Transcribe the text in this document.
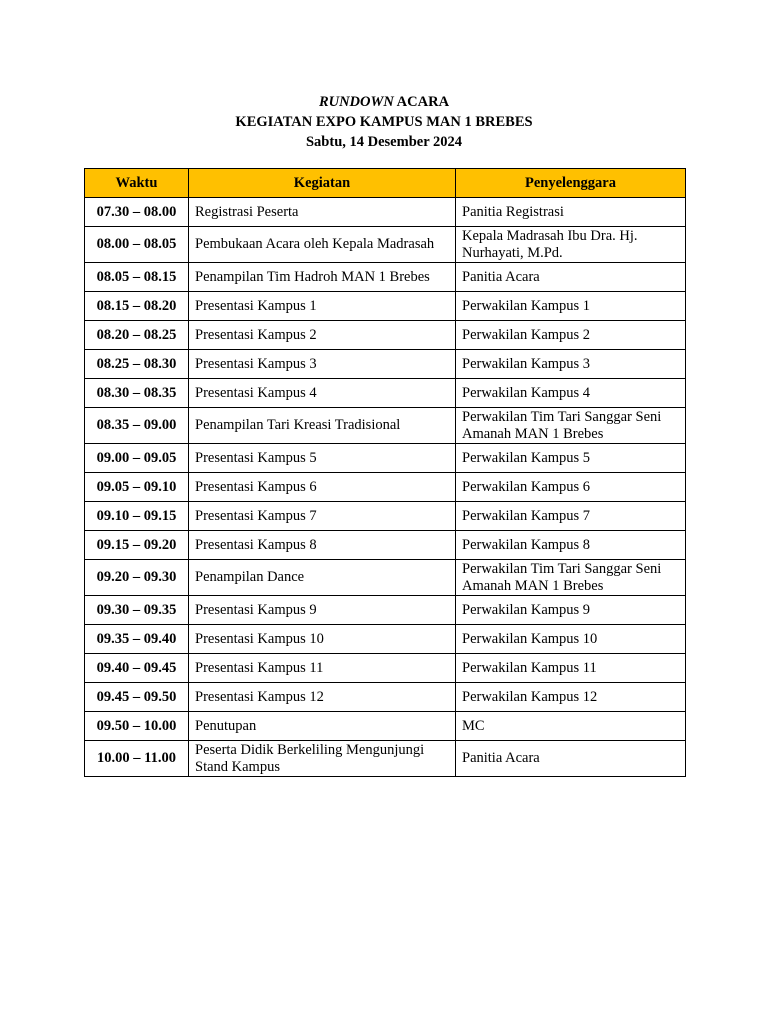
RUNDOWN ACARA
KEGIATAN EXPO KAMPUS MAN 1 BREBES
Sabtu, 14 Desember 2024
Waktu	Kegiatan	Penyelenggara
07.30 – 08.00	Registrasi Peserta	Panitia Registrasi
08.00 – 08.05	Pembukaan Acara oleh Kepala Madrasah	Kepala Madrasah Ibu Dra. Hj. Nurhayati, M.Pd.
08.05 – 08.15	Penampilan Tim Hadroh MAN 1 Brebes	Panitia Acara
08.15 – 08.20	Presentasi Kampus 1	Perwakilan Kampus 1
08.20 – 08.25	Presentasi Kampus 2	Perwakilan Kampus 2
08.25 – 08.30	Presentasi Kampus 3	Perwakilan Kampus 3
08.30 – 08.35	Presentasi Kampus 4	Perwakilan Kampus 4
08.35 – 09.00	Penampilan Tari Kreasi Tradisional	Perwakilan Tim Tari Sanggar Seni Amanah MAN 1 Brebes
09.00 – 09.05	Presentasi Kampus 5	Perwakilan Kampus 5
09.05 – 09.10	Presentasi Kampus 6	Perwakilan Kampus 6
09.10 – 09.15	Presentasi Kampus 7	Perwakilan Kampus 7
09.15 – 09.20	Presentasi Kampus 8	Perwakilan Kampus 8
09.20 – 09.30	Penampilan Dance	Perwakilan Tim Tari Sanggar Seni Amanah MAN 1 Brebes
09.30 – 09.35	Presentasi Kampus 9	Perwakilan Kampus 9
09.35 – 09.40	Presentasi Kampus 10	Perwakilan Kampus 10
09.40 – 09.45	Presentasi Kampus 11	Perwakilan Kampus 11
09.45 – 09.50	Presentasi Kampus 12	Perwakilan Kampus 12
09.50 – 10.00	Penutupan	MC
10.00 – 11.00	Peserta Didik Berkeliling Mengunjungi Stand Kampus	Panitia Acara
